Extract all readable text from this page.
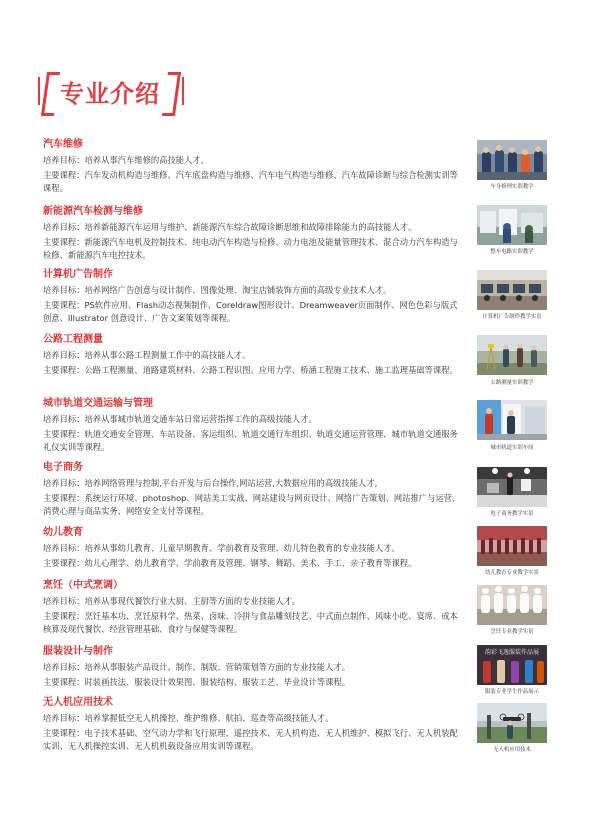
专业介绍
汽车维修
培养目标：培养从事汽车维修的高技能人才。
主要课程：汽车发动机构造与维修、汽车底盘构造与维修、汽车电气构造与维修、汽车故障诊断与综合检测实训等课程。
新能源汽车检测与维修
培养目标：培养新能源汽车运用与维护、新能源汽车综合故障诊断思维和故障排除能力的高技能人才。
主要课程：新能源汽车电机及控制技术、纯电动汽车构造与检修、动力电池及能量管理技术、混合动力汽车构造与检修、新能源汽车电控技术。
计算机广告制作
培养目标：培养网络广告创意与设计制作、图像处理、淘宝店铺装饰方面的高级专业技术人才。
主要课程：PS软件应用、Flash动态视频制作、Coreldraw图形设计、Dreamweaver页面制作、网色色彩与版式创意、Illustrator 创意设计、广告文案策划等课程。
公路工程测量
培养目标：培养从事公路工程测量工作中的高技能人才。
主要课程：公路工程测量、道路建筑材料、公路工程识图、应用力学、桥涵工程施工技术、施工监理基础等课程。
城市轨道交通运输与管理
培养目标：培养从事城市轨道交通车站日常运营指挥工作的高级技能人才。
主要课程：轨道交通安全管理、车站设备、客运组织、轨道交通行车组织、轨道交通运营管理、城市轨道交通服务礼仪实训等课程。
电子商务
培养目标：培养网络管理与控制,平台开发与后台操作,网站运营,大数据应用的高级技能人才。
主要课程：系统运行环境、photoshop、网站美工实战、网站建设与网页设计、网络广告策划、网站推广与运营、消费心理与商品实务、网络安全支付等课程。
幼儿教育
培养目标：培养从事幼儿教育、儿童早期教育、学前教育及管理、幼儿特色教育的专业技能人才。
主要课程：幼儿心理学、幼儿教育学、学前教育及管理、钢琴、舞蹈、美术、手工、亲子教育等课程。
烹饪（中式烹调）
培养目标：培养从事现代餐饮行业大厨、主厨等方面的专业技能人才。
主要课程：烹饪基本功、烹饪原料学、热菜、卤味、冷拼与食品雕刻技艺、中式面点制作、风味小吃、宴席、成本核算及现代餐饮、经营管理基础、食疗与保健等课程。
服装设计与制作
培养目标：培养从事服装产品设计、制作、制版、营销策划等方面的专业技能人才。
主要课程：时装画技法、服装设计效果图、服装结构、服装工艺、毕业设计等课程。
无人机应用技术
培养目标：培养掌握低空无人机操控、维护维修、航拍、巡查等高级技能人才。
主要课程：电子技术基础、空气动力学和飞行原理、遥控技术、无人机构造、无人机维护、模拟飞行、无人机装配实训、无人机操控实训、无人机机载设备应用实训等课程。
车身修理实训教学
整车电路实训教学
计算机广告制作教学实景
公路测量实训教学
城市轨道实训车间
电子商务教学实景
幼儿教育专业教学实景
烹饪专业教学实景
韵彩飞逸服装作品展
服装专业学生作品展示
无人机应用技术
